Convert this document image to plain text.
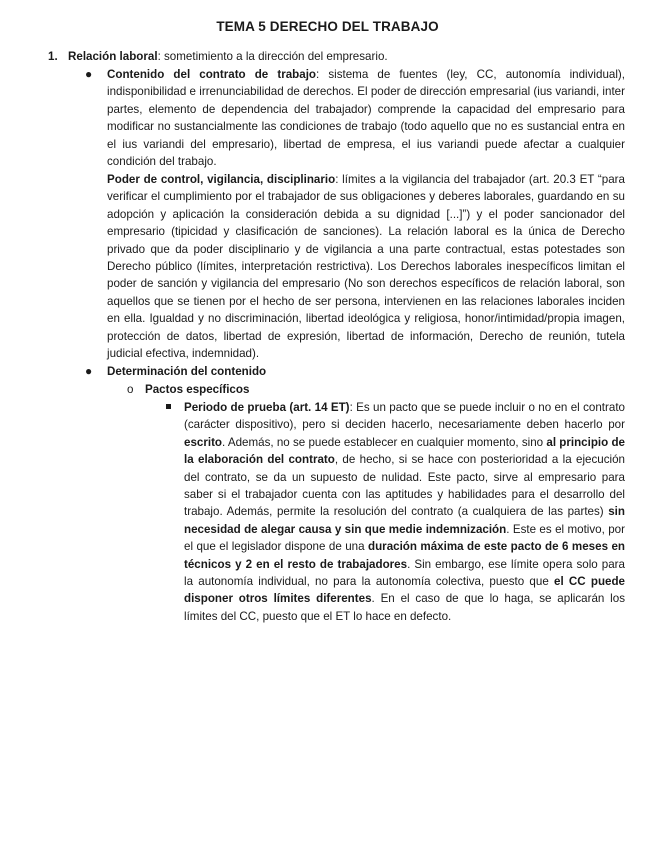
TEMA 5 DERECHO DEL TRABAJO
1. Relación laboral: sometimiento a la dirección del empresario.
● Contenido del contrato de trabajo: sistema de fuentes (ley, CC, autonomía individual), indisponibilidad e irrenunciabilidad de derechos. El poder de dirección empresarial (ius variandi, inter partes, elemento de dependencia del trabajador) comprende la capacidad del empresario para modificar no sustancialmente las condiciones de trabajo (todo aquello que no es sustancial entra en el ius variandi del empresario), libertad de empresa, el ius variandi puede afectar a cualquier condición del trabajo.

Poder de control, vigilancia, disciplinario: límites a la vigilancia del trabajador (art. 20.3 ET “para verificar el cumplimiento por el trabajador de sus obligaciones y deberes laborales, guardando en su adopción y aplicación la consideración debida a su dignidad [...]”) y el poder sancionador del empresario (tipicidad y clasificación de sanciones). La relación laboral es la única de Derecho privado que da poder disciplinario y de vigilancia a una parte contractual, estas potestades son Derecho público (límites, interpretación restrictiva). Los Derechos laborales inespecíficos limitan el poder de sanción y vigilancia del empresario (No son derechos específicos de relación laboral, son aquellos que se tienen por el hecho de ser persona, intervienen en las relaciones laborales inciden en ella. Igualdad y no discriminación, libertad ideológica y religiosa, honor/intimidad/propia imagen, protección de datos, libertad de expresión, libertad de información, Derecho de reunión, tutela judicial efectiva, indemnidad).

● Determinación del contenido

o Pactos específicos

Periodo de prueba (art. 14 ET): Es un pacto que se puede incluir o no en el contrato (carácter dispositivo), pero si deciden hacerlo, necesariamente deben hacerlo por escrito. Además, no se puede establecer en cualquier momento, sino al principio de la elaboración del contrato, de hecho, si se hace con posterioridad a la ejecución del contrato, se da un supuesto de nulidad. Este pacto, sirve al empresario para saber si el trabajador cuenta con las aptitudes y habilidades para el desarrollo del trabajo. Además, permite la resolución del contrato (a cualquiera de las partes) sin necesidad de alegar causa y sin que medie indemnización. Este es el motivo, por el que el legislador dispone de una duración máxima de este pacto de 6 meses en técnicos y 2 en el resto de trabajadores. Sin embargo, ese límite opera solo para la autonomía individual, no para la autonomía colectiva, puesto que el CC puede disponer otros límites diferentes. En el caso de que lo haga, se aplicarán los límites del CC, puesto que el ET lo hace en defecto.
